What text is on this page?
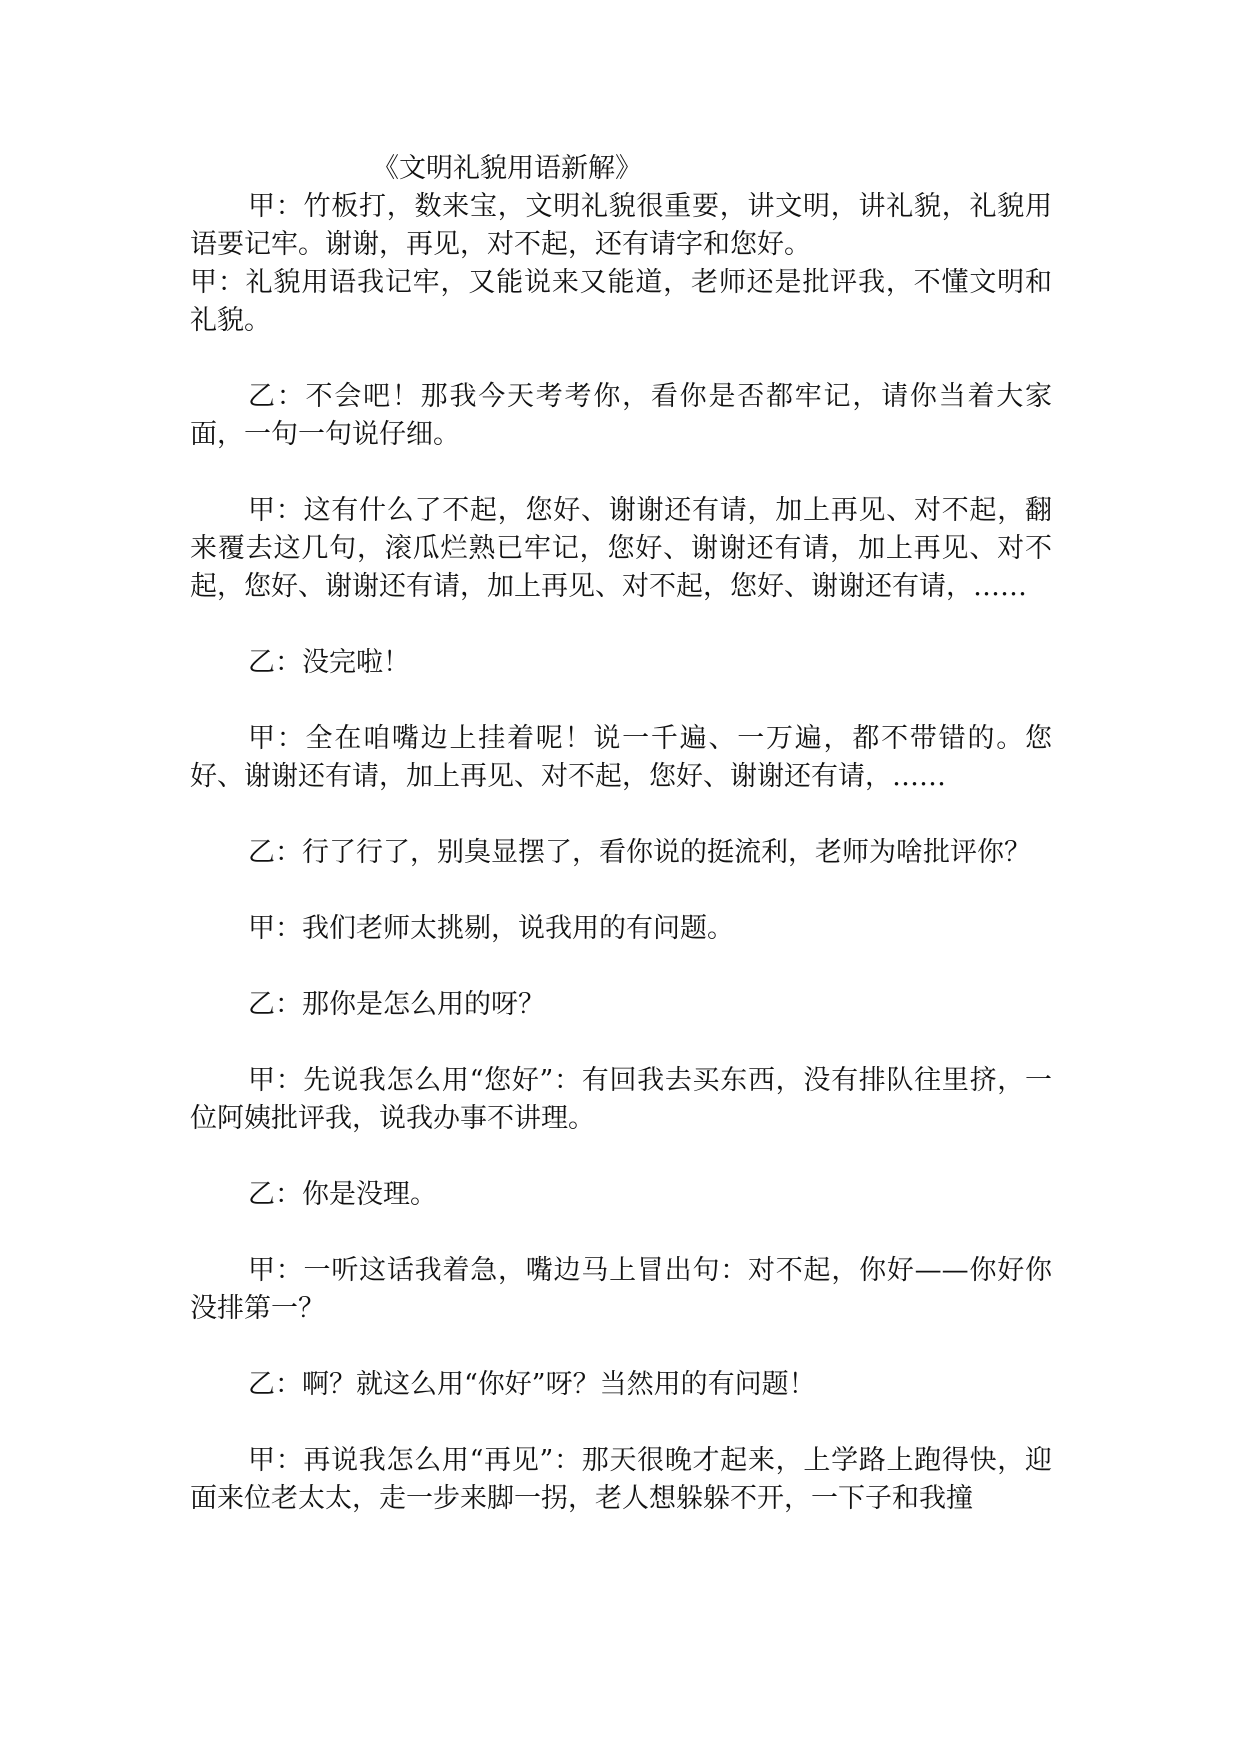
《文明礼貌用语新解》

甲：竹板打，数来宝，文明礼貌很重要，讲文明，讲礼貌，礼貌用语要记牢。谢谢，再见，对不起，还有请字和您好。

甲：礼貌用语我记牢，又能说来又能道，老师还是批评我，不懂文明和礼貌。

乙：不会吧！那我今天考考你，看你是否都牢记，请你当着大家面，一句一句说仔细。

甲：这有什么了不起，您好、谢谢还有请，加上再见、对不起，翻来覆去这几句，滚瓜烂熟已牢记，您好、谢谢还有请，加上再见、对不起，您好、谢谢还有请，加上再见、对不起，您好、谢谢还有请，……

乙：没完啦！

甲：全在咱嘴边上挂着呢！说一千遍、一万遍，都不带错的。您好、谢谢还有请，加上再见、对不起，您好、谢谢还有请，……

乙：行了行了，别臭显摆了，看你说的挺流利，老师为啥批评你？

甲：我们老师太挑剔，说我用的有问题。

乙：那你是怎么用的呀？

甲：先说我怎么用“您好”：有回我去买东西，没有排队往里挤，一位阿姨批评我，说我办事不讲理。

乙：你是没理。

甲：一听这话我着急，嘴边马上冒出句：对不起，你好——你好你没排第一？

乙：啊？就这么用“你好”呀？当然用的有问题！

甲：再说我怎么用“再见”：那天很晚才起来，上学路上跑得快，迎面来位老太太，走一步来脚一拐，老人想躲躲不开，一下子和我撞
